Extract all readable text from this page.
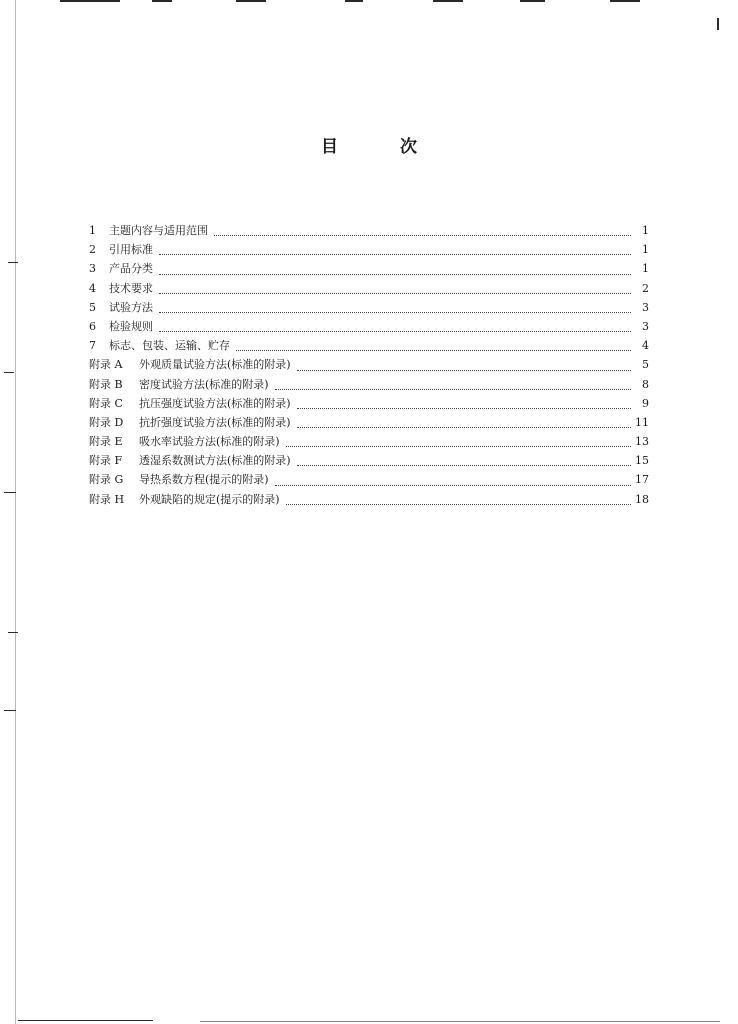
目	次
1	主题内容与适用范围	1
2	引用标准	1
3	产品分类	1
4	技术要求	2
5	试验方法	3
6	检验规则	3
7	标志、包装、运输、贮存	4
附录 A	外观质量试验方法(标准的附录)	5
附录 B	密度试验方法(标准的附录)	8
附录 C	抗压强度试验方法(标准的附录)	9
附录 D	抗折强度试验方法(标准的附录)	11
附录 E	吸水率试验方法(标准的附录)	13
附录 F	透湿系数测试方法(标准的附录)	15
附录 G	导热系数方程(提示的附录)	17
附录 H	外观缺陷的规定(提示的附录)	18
